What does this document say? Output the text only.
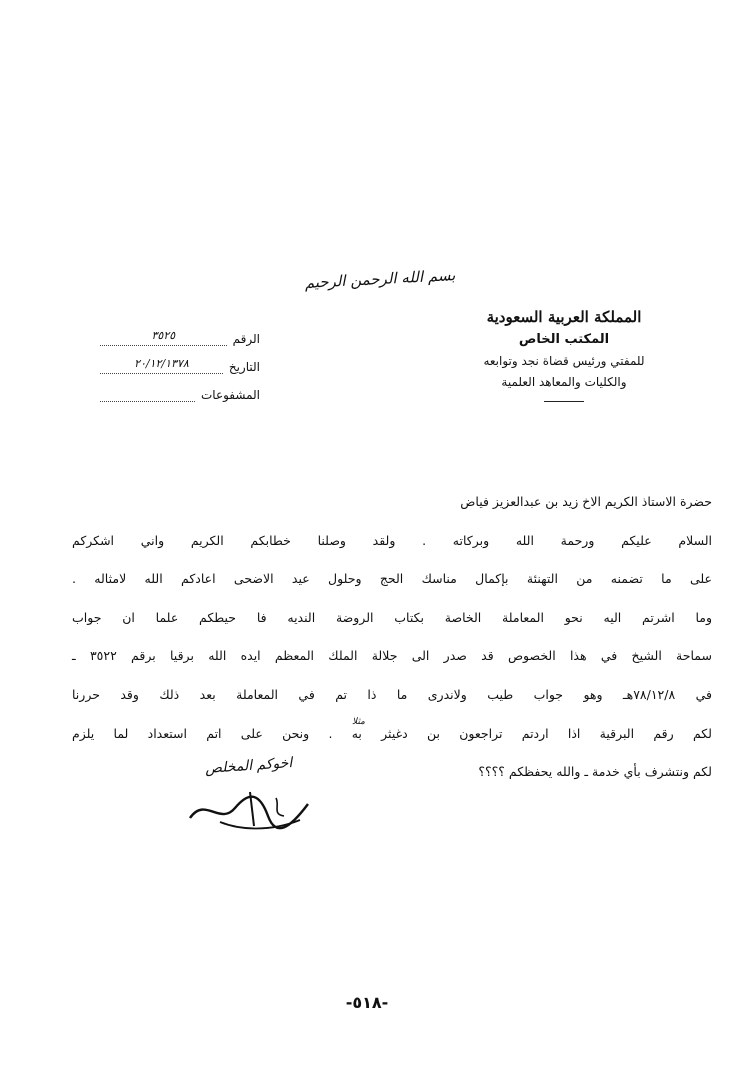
بسم الله الرحمن الرحيم
المملكة العربية السعودية
المكتب الخاص
للمفتي ورئيس قضاة نجد وتوابعه
والكليات والمعاهد العلمية
الرقم
٣٥٢٥
التاريخ
٢٠/١٢/١٣٧٨
المشفوعات
حضرة الاستاذ الكريم الاخ زيد بن عبدالعزيز فياض
السلام عليكم ورحمة الله وبركاته . ولقد وصلنا خطابكم الكريم واني اشكركم
على ما تضمنه من التهنئة بإكمال مناسك الحج وحلول عيد الاضحى اعادكم الله لامثاله .
وما اشرتم اليه نحو المعاملة الخاصة بكتاب الروضة النديه فا حيطكم علما ان جواب
سماحة الشيخ في هذا الخصوص قد صدر الى جلالة الملك المعظم ايده الله برقيا برقم ٣٥٢٢ ـ
في ٧٨/١٢/٨هـ وهو جواب طيب ولاندرى ما ذا تم في المعاملة بعد ذلك وقد حررنا
لكم رقم البرقية اذا اردتم تراجعون بن دغيثر به . ونحن على اتم استعداد لما يلزم
لكم ونتشرف بأي خدمة ـ والله يحفظكم ؟؟؟؟
مثلا
اخوكم المخلص
-٥١٨-
